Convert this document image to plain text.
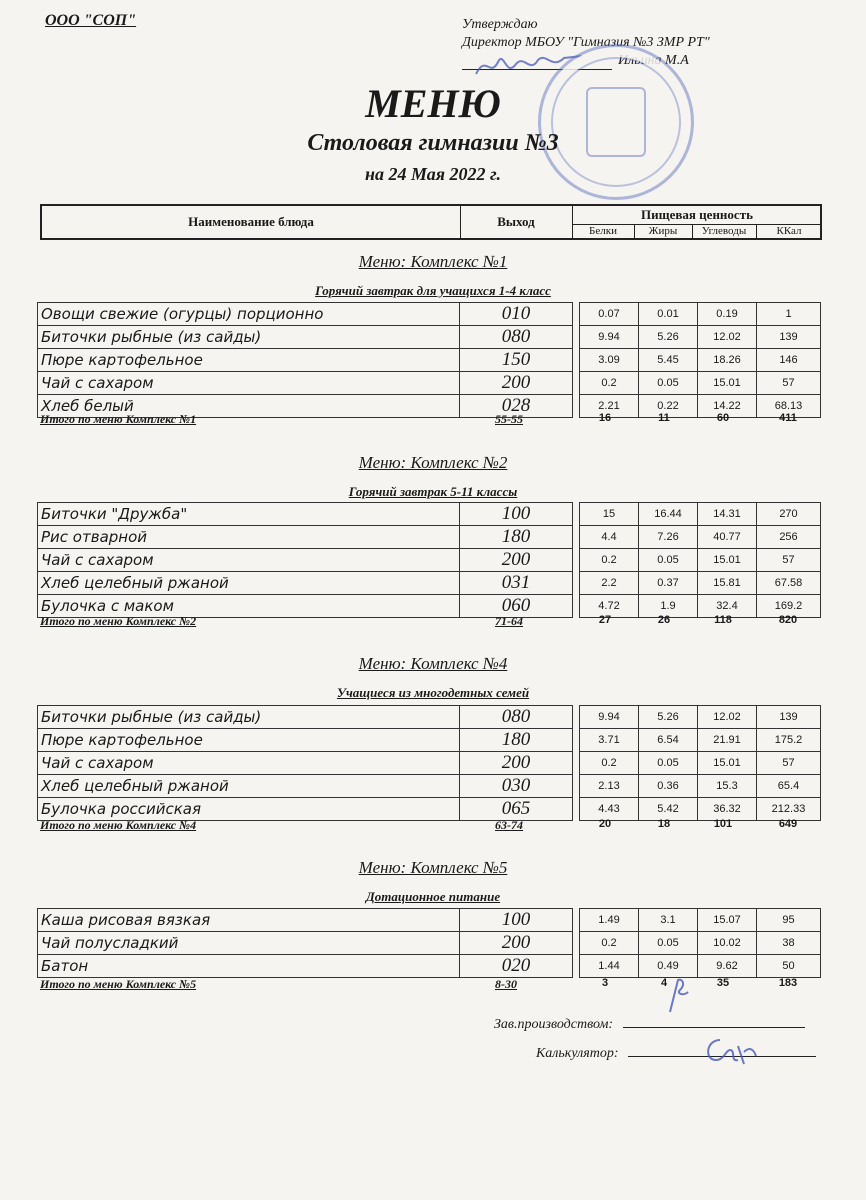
ООО "СОП"	Утверждаю
Директор МБОУ "Гимназия №3 ЗМР РТ"
Ильина М.А
МЕНЮ
Столовая гимназии №3
на 24 Мая 2022 г.
Наименование блюда	Выход	Пищевая ценность
Белки	Жиры	Углеводы	ККал
Меню: Комплекс №1
Горячий завтрак для учащихся 1-4 класс
Овощи свежие (огурцы) порционно	010		0.07	0.01	0.19	1
Биточки рыбные (из сайды)	080		9.94	5.26	12.02	139
Пюре картофельное	150		3.09	5.45	18.26	146
Чай с сахаром	200		0.2	0.05	15.01	57
Хлеб белый	028		2.21	0.22	14.22	68.13
Итого по меню Комплекс №1	55-55	16	11	60	411
Меню: Комплекс №2
Горячий завтрак 5-11 классы
Биточки "Дружба"	100		15	16.44	14.31	270
Рис отварной	180		4.4	7.26	40.77	256
Чай с сахаром	200		0.2	0.05	15.01	57
Хлеб целебный ржаной	031		2.2	0.37	15.81	67.58
Булочка с маком	060		4.72	1.9	32.4	169.2
Итого по меню Комплекс №2	71-64	27	26	118	820
Меню: Комплекс №4
Учащиеся из многодетных семей
Биточки рыбные (из сайды)	080		9.94	5.26	12.02	139
Пюре картофельное	180		3.71	6.54	21.91	175.2
Чай с сахаром	200		0.2	0.05	15.01	57
Хлеб целебный ржаной	030		2.13	0.36	15.3	65.4
Булочка российская	065		4.43	5.42	36.32	212.33
Итого по меню Комплекс №4	63-74	20	18	101	649
Меню: Комплекс №5
Дотационное питание
Каша рисовая вязкая	100		1.49	3.1	15.07	95
Чай полусладкий	200		0.2	0.05	10.02	38
Батон	020		1.44	0.49	9.62	50
Итого по меню Комплекс №5	8-30	3	4	35	183
Зав.производством:
Калькулятор:
